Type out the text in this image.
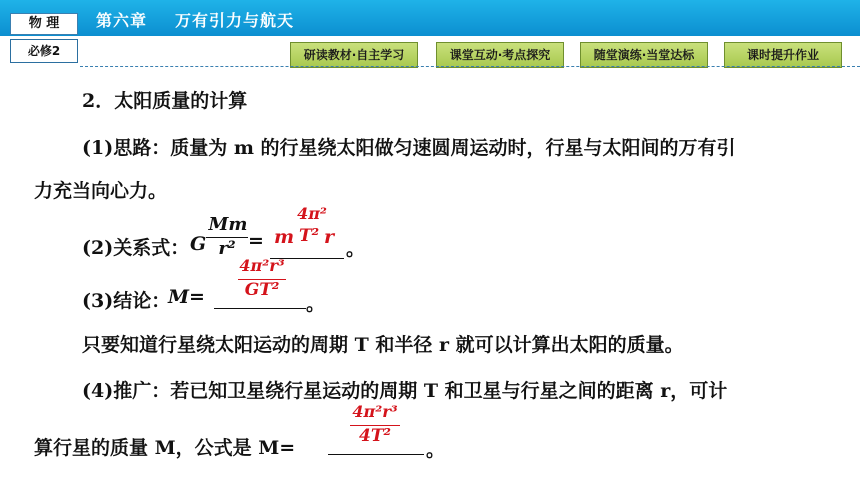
物 理	第六章 万有引力与航天
必修2	研读教材·自主学习	课堂互动·考点探究	随堂演练·当堂达标	课时提升作业
2．太阳质量的计算
(1)思路：质量为 m 的行星绕太阳做匀速圆周运动时，行星与太阳间的万有引
力充当向心力。
(2)关系式： G
Mm
r² =
4π²
m T² r
。
(3)结论：
M=
4π²r³
GT²
。
只要知道行星绕太阳运动的周期 T 和半径 r 就可以计算出太阳的质量。
(4)推广：若已知卫星绕行星运动的周期 T 和卫星与行星之间的距离 r，可计
算行星的质量 M，公式是 M=
4π²r³
4T²
。
